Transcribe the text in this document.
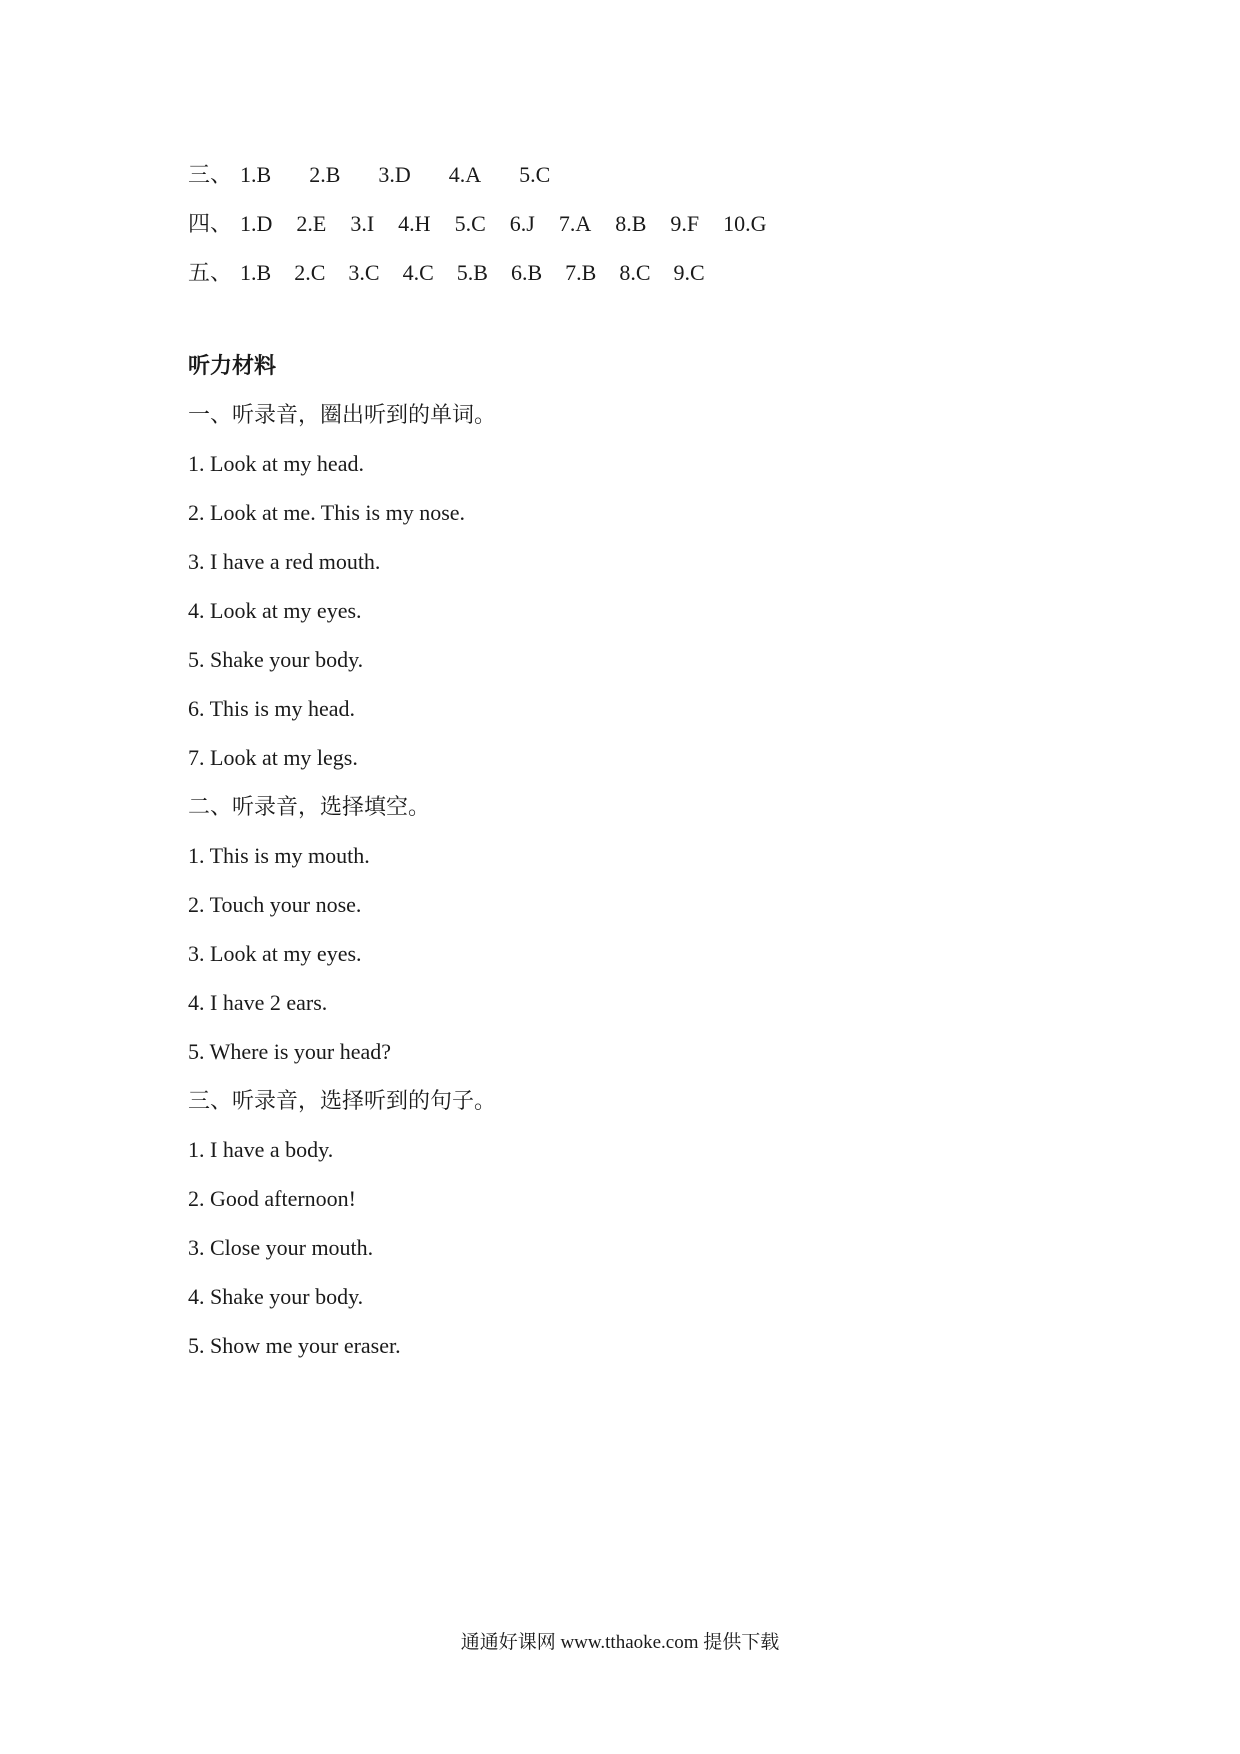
三、 1.B 2.B 3.D 4.A 5.C
四、 1.D 2.E 3.I 4.H 5.C 6.J 7.A 8.B 9.F 10.G
五、 1.B 2.C 3.C 4.C 5.B 6.B 7.B 8.C 9.C
听力材料
一、听录音，圈出听到的单词。
1. Look at my head.
2. Look at me. This is my nose.
3. I have a red mouth.
4. Look at my eyes.
5. Shake your body.
6. This is my head.
7. Look at my legs.
二、听录音，选择填空。
1. This is my mouth.
2. Touch your nose.
3. Look at my eyes.
4. I have 2 ears.
5. Where is your head?
三、听录音，选择听到的句子。
1. I have a body.
2. Good afternoon!
3. Close your mouth.
4. Shake your body.
5. Show me your eraser.
通通好课网 www.tthaoke.com 提供下载
